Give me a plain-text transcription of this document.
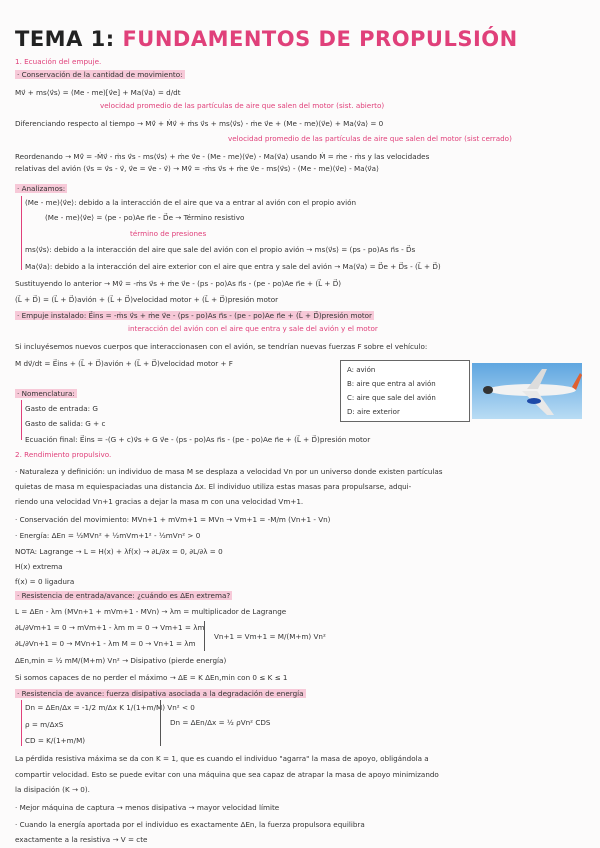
TEMA 1: FUNDAMENTOS DE PROPULSIÓN
1. Ecuación del empuje.
· Conservación de la cantidad de movimiento:
Mv⃗ + ms⟨v⃗s⟩ = (Me - me)[v⃗e] + Ma⟨v⃗a⟩ = d/dt
velocidad promedio de las partículas de aire que salen del motor (sist. abierto)
Diferenciando respecto al tiempo → Mv̇⃗ + Ṁv⃗ + ṁs v⃗s + ms⟨v⃗s⟩ - ṁe v⃗e + (Me - me)⟨v⃗e⟩ + Ma⟨v⃗a⟩ = 0
velocidad promedio de las partículas de aire que salen del motor (sist cerrado)
Reordenando → Mv̇⃗ = -Ṁv⃗ - ṁs v⃗s - ms⟨v⃗s⟩ + ṁe v⃗e - (Me - me)⟨v⃗e⟩ - Ma⟨v⃗a⟩ usando Ṁ = ṁe - ṁs y las velocidades
relativas del avión (v⃗s = v⃗s - v⃗, v⃗e = v⃗e - v⃗) → Mv̇⃗ = -ṁs v⃗s + ṁe v⃗e - ms⟨v⃗s⟩ - (Me - me)⟨v⃗e⟩ - Ma⟨v⃗a⟩
· Analizamos:
(Me - me)⟨v⃗e⟩: debido a la interacción de el aire que va a entrar al avión con el propio avión
(Me - me)⟨v⃗e⟩ = (pe - po)Ae n⃗e - D⃗e → Término resistivo
término de presiones
ms⟨v⃗s⟩: debido a la interacción del aire que sale del avión con el propio avión → ms⟨v⃗s⟩ = (ps - po)As n⃗s - D⃗s
Ma⟨v⃗a⟩: debido a la interacción del aire exterior con el aire que entra y sale del avión → Ma⟨v⃗a⟩ = D⃗e + D⃗s - (L⃗ + D⃗)
Sustituyendo lo anterior → Mv̇⃗ = -ṁs v⃗s + ṁe v⃗e - (ps - po)As n⃗s - (pe - po)Ae n⃗e + (L⃗ + D⃗)
(L⃗ + D⃗) = (L⃗ + D⃗)avión + (L⃗ + D⃗)velocidad motor + (L⃗ + D⃗)presión motor
· Empuje instalado: E⃗ins = -ṁs v⃗s + ṁe v⃗e - (ps - po)As n⃗s - (pe - po)Ae n⃗e + (L⃗ + D⃗)presión motor
interacción del avión con el aire que entra y sale del avión y el motor
Si incluyésemos nuevos cuerpos que interaccionasen con el avión, se tendrían nuevas fuerzas F sobre el vehículo:
M dv⃗/dt = E⃗ins + (L⃗ + D⃗)avión + (L⃗ + D⃗)velocidad motor + F
A: avión
B: aire que entra al avión
C: aire que sale del avión
D: aire exterior
· Nomenclatura:
Gasto de entrada: G
Gasto de salida: G + c
Ecuación final: E⃗ins = -(G + c)v⃗s + G v⃗e - (ps - po)As n⃗s - (pe - po)Ae n⃗e + (L⃗ + D⃗)presión motor
2. Rendimiento propulsivo.
· Naturaleza y definición: un individuo de masa M se desplaza a velocidad Vn por un universo donde existen partículas
quietas de masa m equiespaciadas una distancia Δx. El individuo utiliza estas masas para propulsarse, adqui-
riendo una velocidad Vn+1 gracias a dejar la masa m con una velocidad Vm+1.
· Conservación del movimiento: MVn+1 + mVm+1 = MVn → Vm+1 = -M/m (Vn+1 - Vn)
· Energía: ΔEn = ½MVn² + ½mVm+1² - ½mVn² > 0
NOTA: Lagrange → L = H(x) + λf(x) → ∂L/∂x = 0, ∂L/∂λ = 0
H(x) extrema
f(x) = 0 ligadura
· Resistencia de entrada/avance: ¿cuándo es ΔEn extrema?
L = ΔEn - λm (MVn+1 + mVm+1 - MVn) → λm = multiplicador de Lagrange
∂L/∂Vm+1 = 0 → mVm+1 - λm m = 0 → Vm+1 = λm
∂L/∂Vn+1 = 0 → MVn+1 - λm M = 0 → Vn+1 = λm
Vn+1 = Vm+1 = M/(M+m) Vn²
ΔEn,min = ½ mM/(M+m) Vn² → Disipativo (pierde energía)
Si somos capaces de no perder el máximo → ΔE = K ΔEn,min con 0 ≤ K ≤ 1
· Resistencia de avance: fuerza disipativa asociada a la degradación de energía
Dn = ΔEn/Δx = -1/2 m/Δx K 1/(1+m/M) Vn² < 0
ρ = m/ΔxS
CD = K/(1+m/M)
Dn = ΔEn/Δx = ½ ρVn² CDS
La pérdida resistiva máxima se da con K = 1, que es cuando el individuo "agarra" la masa de apoyo, obligándola a
compartir velocidad. Esto se puede evitar con una máquina que sea capaz de atrapar la masa de apoyo minimizando
la disipación (K → 0).
· Mejor máquina de captura → menos disipativa → mayor velocidad límite
· Cuando la energía aportada por el individuo es exactamente ΔEn, la fuerza propulsora equilibra
exactamente a la resistiva → V = cte
